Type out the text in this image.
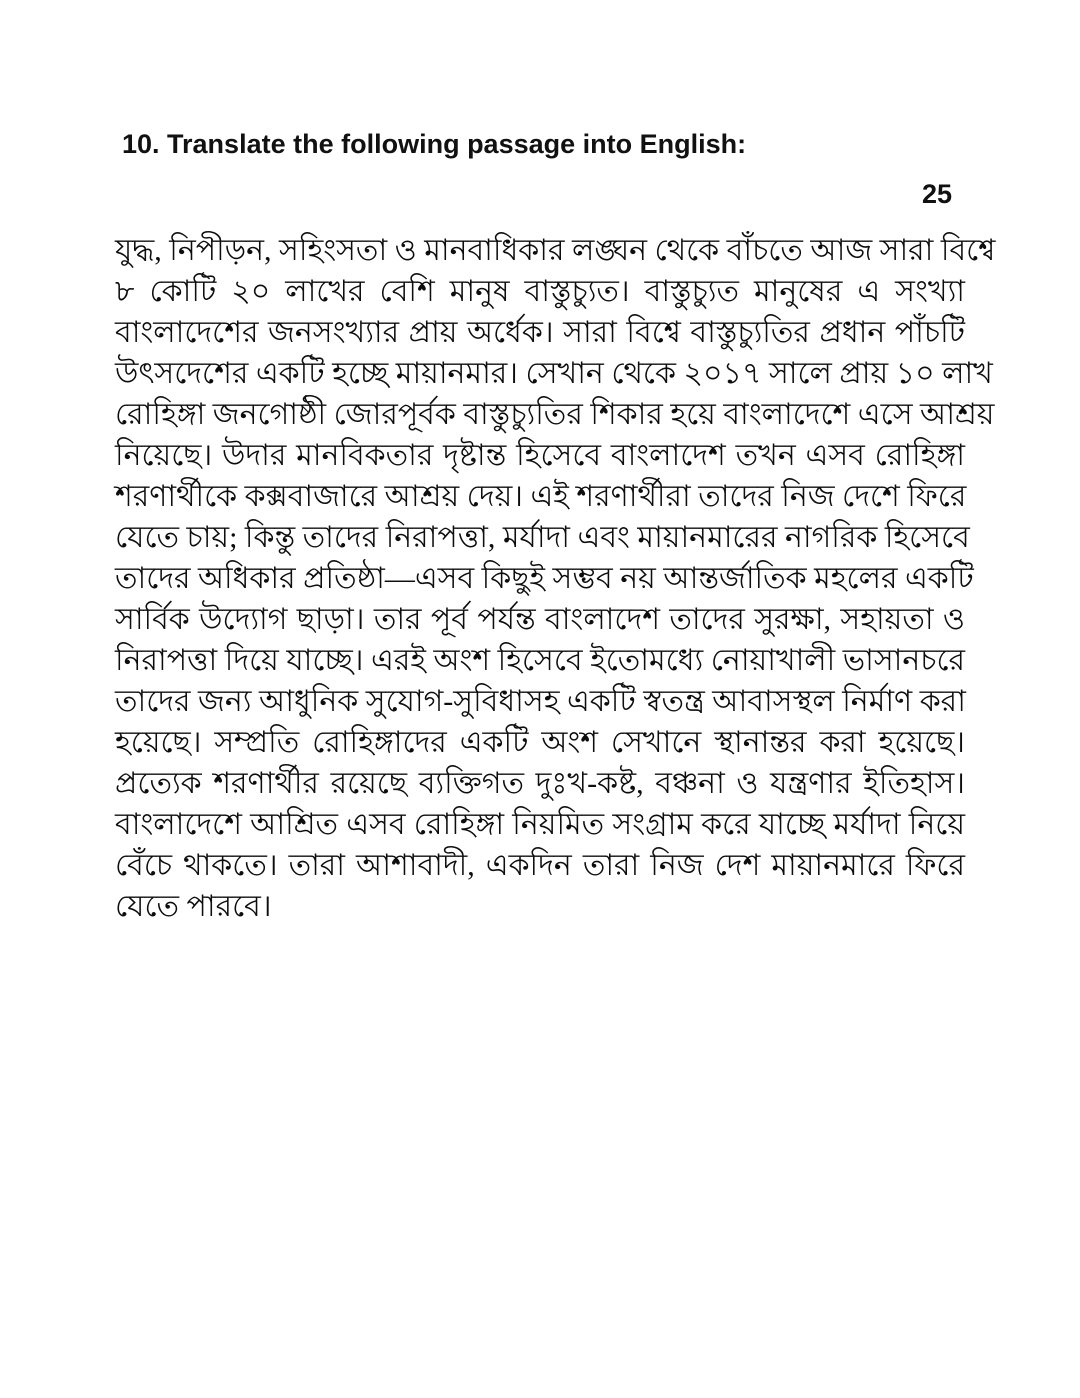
10. Translate the following passage into English:
25
যুদ্ধ, নিপীড়ন, সহিংসতা ও মানবাধিকার লঙ্ঘন থেকে বাঁচতে আজ সারা বিশ্বে
৮ কোটি ২০ লাখের বেশি মানুষ বাস্তুচ্যুত। বাস্তুচ্যুত মানুষের এ সংখ্যা
বাংলাদেশের জনসংখ্যার প্রায় অর্ধেক। সারা বিশ্বে বাস্তুচ্যুতির প্রধান পাঁচটি
উৎসদেশের একটি হচ্ছে মায়ানমার। সেখান থেকে ২০১৭ সালে প্রায় ১০ লাখ
রোহিঙ্গা জনগোষ্ঠী জোরপূর্বক বাস্তুচ্যুতির শিকার হয়ে বাংলাদেশে এসে আশ্রয়
নিয়েছে। উদার মানবিকতার দৃষ্টান্ত হিসেবে বাংলাদেশ তখন এসব রোহিঙ্গা
শরণার্থীকে কক্সবাজারে আশ্রয় দেয়। এই শরণার্থীরা তাদের নিজ দেশে ফিরে
যেতে চায়; কিন্তু তাদের নিরাপত্তা, মর্যাদা এবং মায়ানমারের নাগরিক হিসেবে
তাদের অধিকার প্রতিষ্ঠা––এসব কিছুই সম্ভব নয় আন্তর্জাতিক মহলের একটি
সার্বিক উদ্যোগ ছাড়া। তার পূর্ব পর্যন্ত বাংলাদেশ তাদের সুরক্ষা, সহায়তা ও
নিরাপত্তা দিয়ে যাচ্ছে। এরই অংশ হিসেবে ইতোমধ্যে নোয়াখালী ভাসানচরে
তাদের জন্য আধুনিক সুযোগ-সুবিধাসহ একটি স্বতন্ত্র আবাসস্থল নির্মাণ করা
হয়েছে। সম্প্রতি রোহিঙ্গাদের একটি অংশ সেখানে স্থানান্তর করা হয়েছে।
প্রত্যেক শরণার্থীর রয়েছে ব্যক্তিগত দুঃখ-কষ্ট, বঞ্চনা ও যন্ত্রণার ইতিহাস।
বাংলাদেশে আশ্রিত এসব রোহিঙ্গা নিয়মিত সংগ্রাম করে যাচ্ছে মর্যাদা নিয়ে
বেঁচে থাকতে। তারা আশাবাদী, একদিন তারা নিজ দেশ মায়ানমারে ফিরে
যেতে পারবে।
